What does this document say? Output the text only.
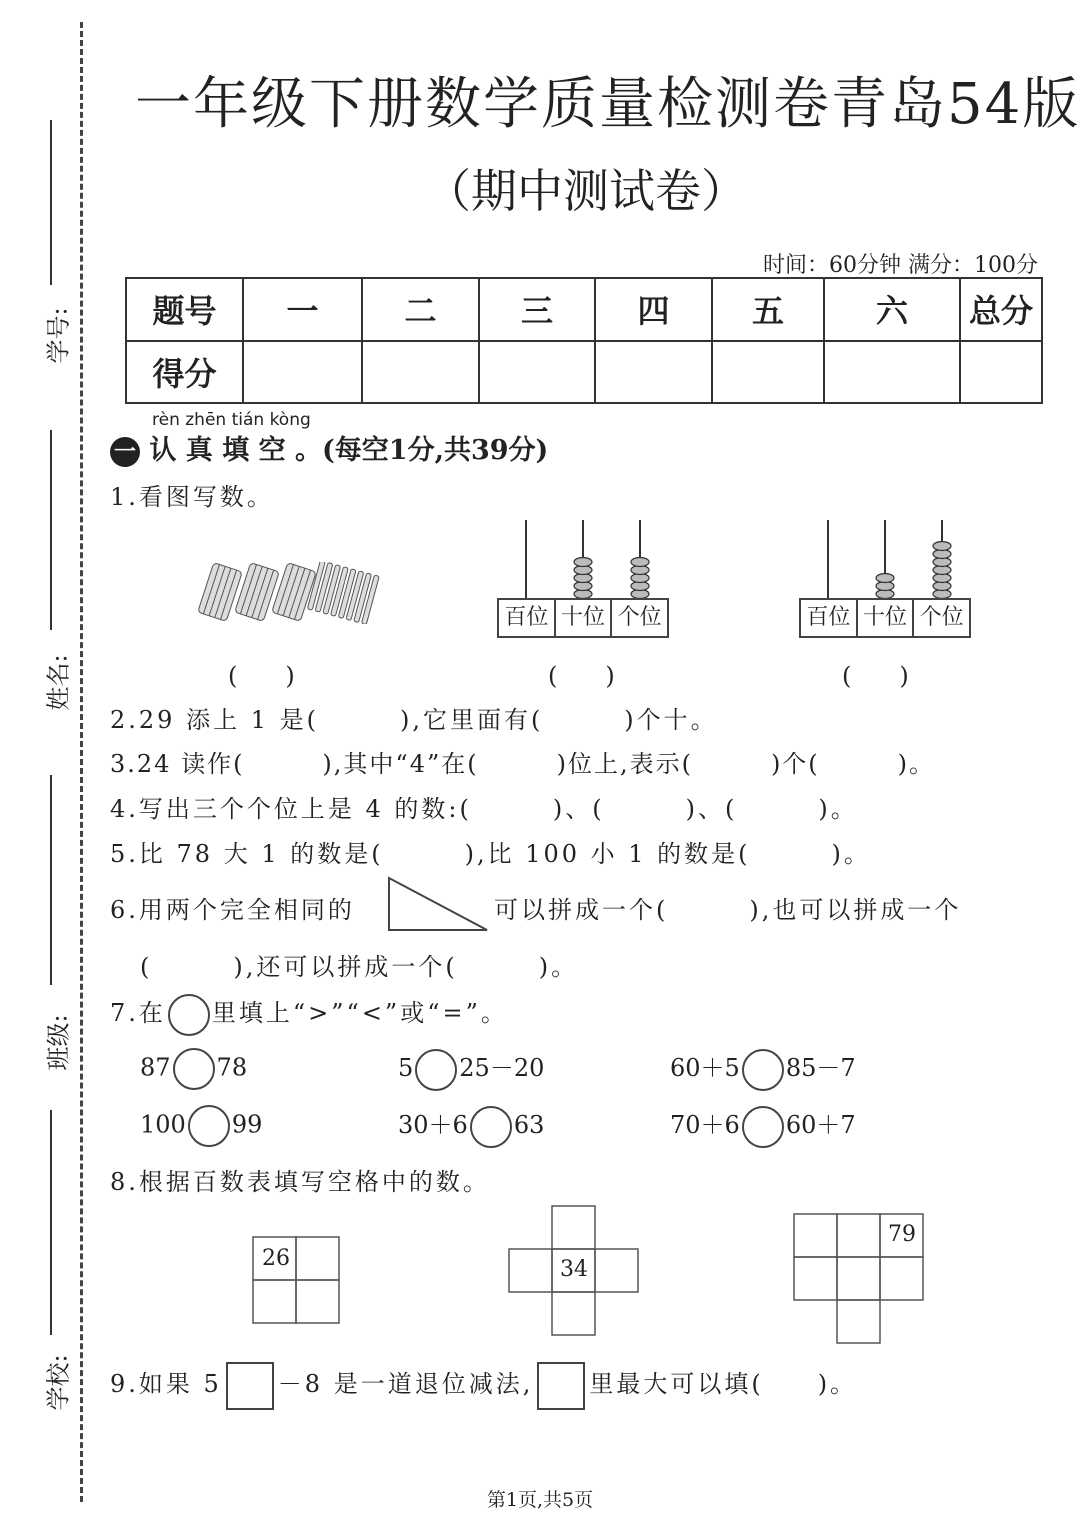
学号:
姓名:
班级:
学校:
一年级下册数学质量检测卷青岛54版
（期中测试卷）
时间：60分钟 满分：100分
题号	一	二	三	四	五	六	总分
得分							
rèn zhēn tián kòng
一 认 真 填 空 。(每空1分,共39分)
1.看图写数。
百位 十位 个位	百位 十位 个位
(　　)	(　　)	(　　)
2.29 添上 1 是(　　　),它里面有(　　　)个十。
3.24 读作(　　　),其中“4”在(　　　)位上,表示(　　　)个(　　　)。
4.写出三个个位上是 4 的数:(　　　)、(　　　)、(　　　)。
5.比 78 大 1 的数是(　　　),比 100 小 1 的数是(　　　)。
6.用两个完全相同的	可以拼成一个(　　　),也可以拼成一个
(　　　),还可以拼成一个(　　　)。
7.在 里填上“>”“<”或“=”。
87 78	5 25－20	60＋5 85－7
100 99	30＋6 63	70＋6 60＋7
8.根据百数表填写空格中的数。
26	34
79
9.如果 5 －8 是一道退位减法, 里最大可以填(　　)。
第1页,共5页
